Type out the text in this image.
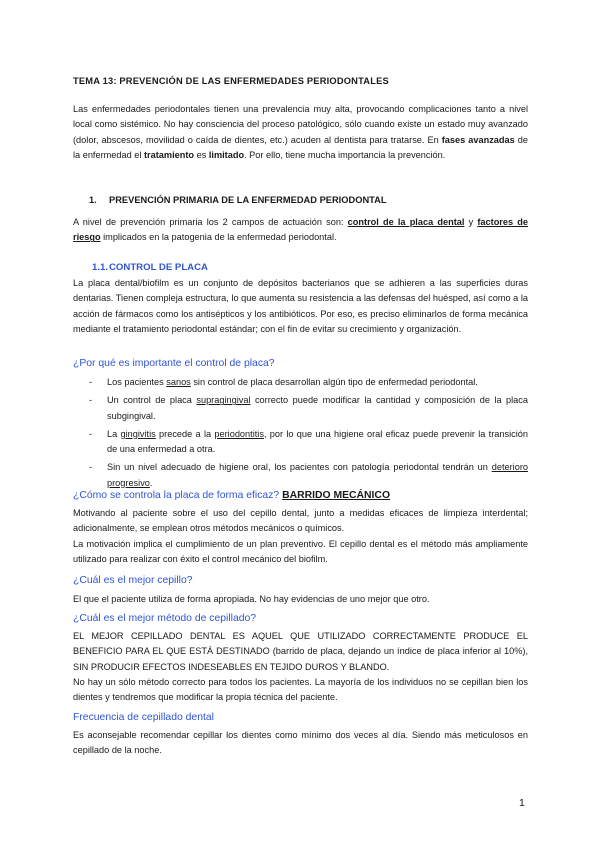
TEMA 13: PREVENCIÓN DE LAS ENFERMEDADES PERIODONTALES

Las enfermedades periodontales tienen una prevalencia muy alta, provocando complicaciones tanto a nivel local como sistémico. No hay consciencia del proceso patológico, sólo cuando existe un estado muy avanzado (dolor, abscesos, movilidad o caída de dientes, etc.) acuden al dentista para tratarse. En fases avanzadas de la enfermedad el tratamiento es limitado. Por ello, tiene mucha importancia la prevención.

1. PREVENCIÓN PRIMARIA DE LA ENFERMEDAD PERIODONTAL

A nivel de prevención primaria los 2 campos de actuación son: control de la placa dental y factores de riesgo implicados en la patogenia de la enfermedad periodontal.

1.1.CONTROL DE PLACA

La placa dental/biofilm es un conjunto de depósitos bacterianos que se adhieren a las superficies duras dentarias. Tienen compleja estructura, lo que aumenta su resistencia a las defensas del huésped, así como a la acción de fármacos como los antisépticos y los antibióticos. Por eso, es preciso eliminarlos de forma mecánica mediante el tratamiento periodontal estándar; con el fin de evitar su crecimiento y organización.

¿Por qué es importante el control de placa?

- Los pacientes sanos sin control de placa desarrollan algún tipo de enfermedad periodontal.
- Un control de placa supragingival correcto puede modificar la cantidad y composición de la placa subgingival.
- La gingivitis precede a la periodontitis, por lo que una higiene oral eficaz puede prevenir la transición de una enfermedad a otra.
- Sin un nivel adecuado de higiene oral, los pacientes con patología periodontal tendrán un deterioro progresivo.

¿Cómo se controla la placa de forma eficaz? BARRIDO MECÁNICO

Motivando al paciente sobre el uso del cepillo dental, junto a medidas eficaces de limpieza interdental; adicionalmente, se emplean otros métodos mecánicos o químicos.

La motivación implica el cumplimiento de un plan preventivo. El cepillo dental es el método más ampliamente utilizado para realizar con éxito el control mecánico del biofilm.

¿Cuál es el mejor cepillo?

El que el paciente utiliza de forma apropiada. No hay evidencias de uno mejor que otro.

¿Cuál es el mejor método de cepillado?

EL MEJOR CEPILLADO DENTAL ES AQUEL QUE UTILIZADO CORRECTAMENTE PRODUCE EL BENEFICIO PARA EL QUE ESTÁ DESTINADO (barrido de placa, dejando un índice de placa inferior al 10%), SIN PRODUCIR EFECTOS INDESEABLES EN TEJIDO DUROS Y BLANDO.

No hay un sólo método correcto para todos los pacientes. La mayoría de los individuos no se cepillan bien los dientes y tendremos que modificar la propia técnica del paciente.

Frecuencia de cepillado dental

Es aconsejable recomendar cepillar los dientes como mínimo dos veces al día. Siendo más meticulosos en cepillado de la noche.

1
